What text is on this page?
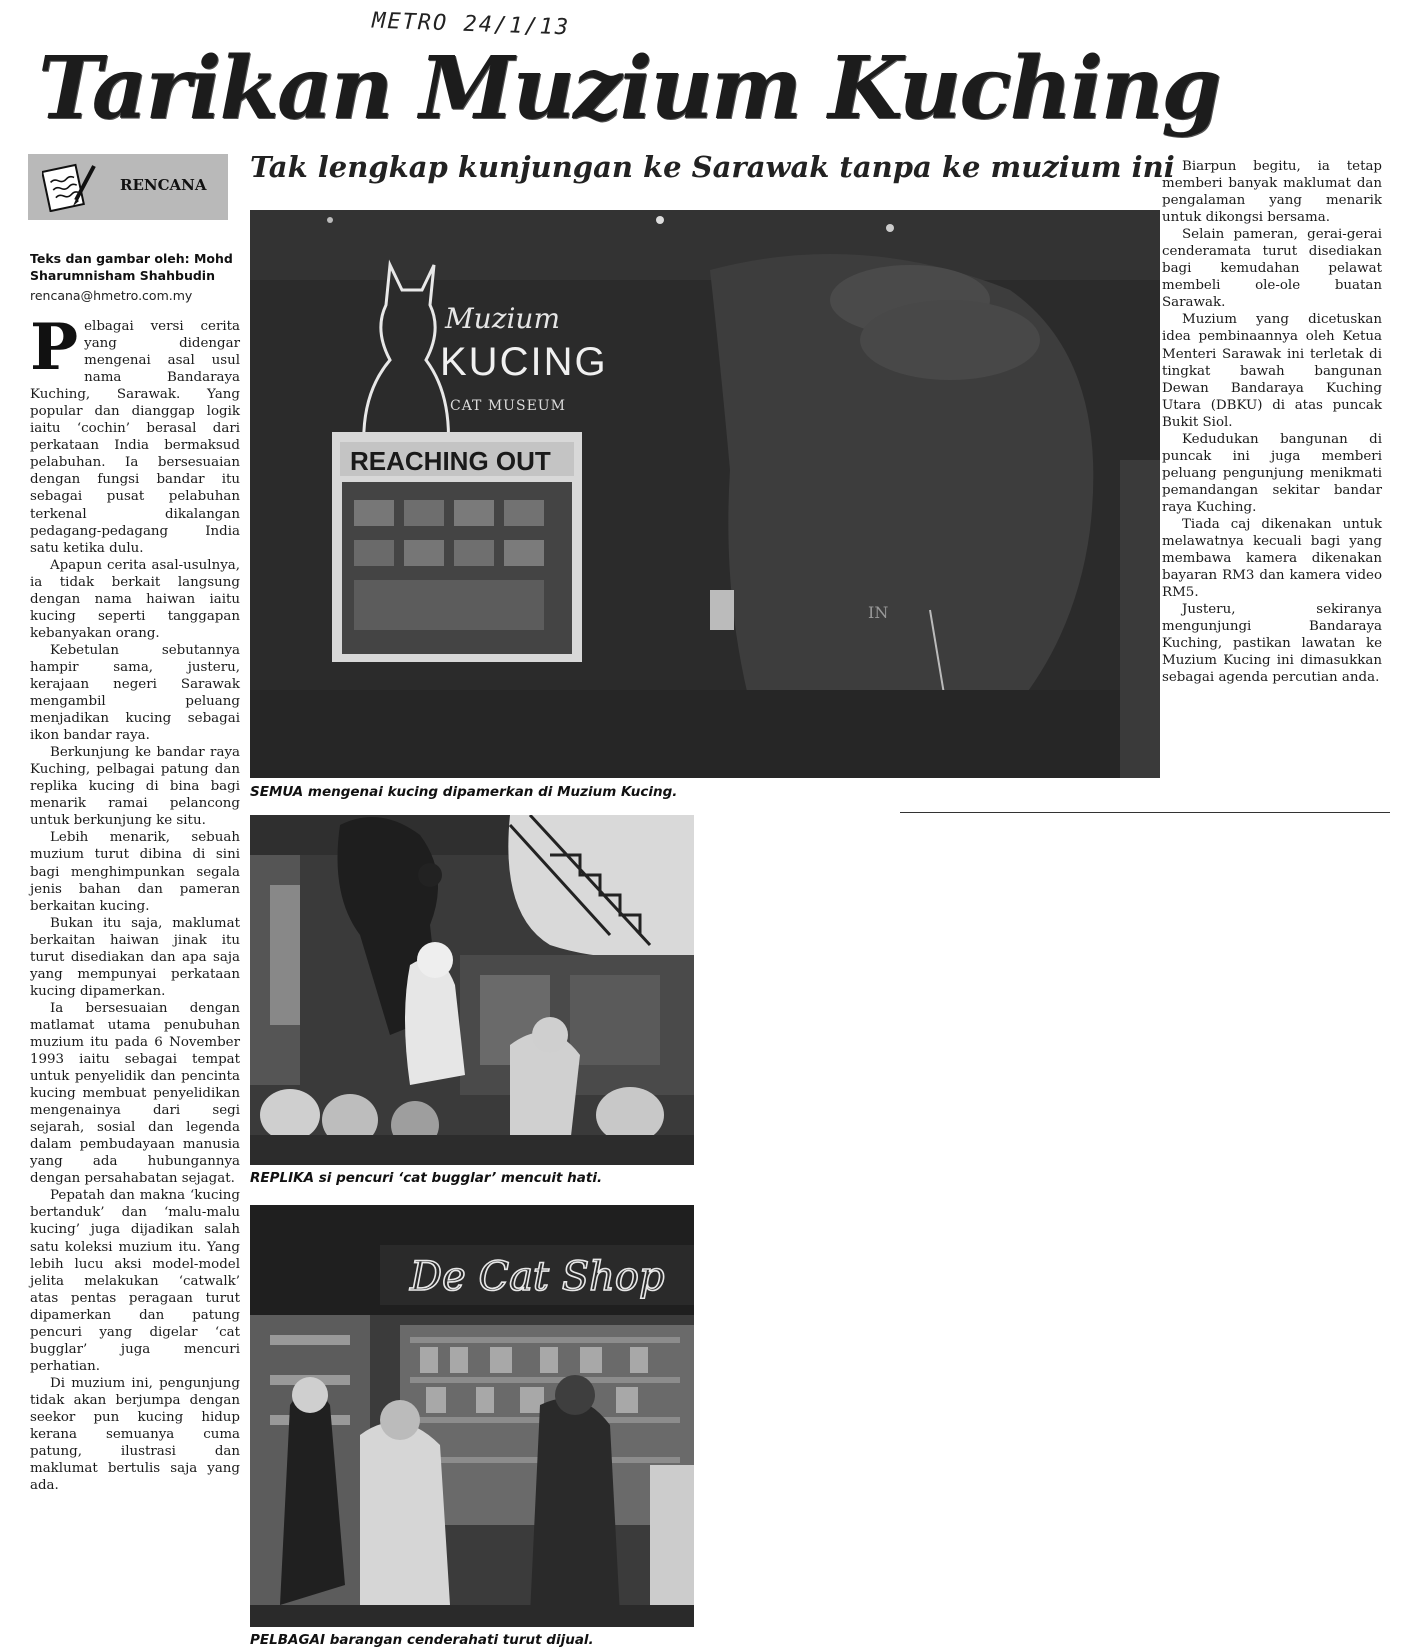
METRO 24/1/13
Tarikan Muzium Kuching
RENCANA
Tak lengkap kunjungan ke Sarawak tanpa ke muzium ini
Teks dan gambar oleh: Mohd Sharumnisham Shahbudin
rencana@hmetro.com.my

Pelbagai versi cerita yang didengar mengenai asal usul nama Bandaraya Kuching, Sarawak. Yang popular dan dianggap logik iaitu ‘cochin’ berasal dari perkataan India bermaksud pelabuhan. Ia bersesuaian dengan fungsi bandar itu sebagai pusat pelabuhan terkenal dikalangan pedagang-pedagang India satu ketika dulu.

Apapun cerita asal-usulnya, ia tidak berkait langsung dengan nama haiwan iaitu kucing seperti tanggapan kebanyakan orang.

Kebetulan sebutannya hampir sama, justeru, kerajaan negeri Sarawak mengambil peluang menjadikan kucing sebagai ikon bandar raya.

Berkunjung ke bandar raya Kuching, pelbagai patung dan replika kucing di bina bagi menarik ramai pelancong untuk berkunjung ke situ.

Lebih menarik, sebuah muzium turut dibina di sini bagi menghimpunkan segala jenis bahan dan pameran berkaitan kucing.

Bukan itu saja, maklumat berkaitan haiwan jinak itu turut disediakan dan apa saja yang mempunyai perkataan kucing dipamerkan.

Ia bersesuaian dengan matlamat utama penubuhan muzium itu pada 6 November 1993 iaitu sebagai tempat untuk penyelidik dan pencinta kucing membuat penyelidikan mengenainya dari segi sejarah, sosial dan legenda dalam pembudayaan manusia yang ada hubungannya dengan persahabatan sejagat.

Pepatah dan makna ‘kucing bertanduk’ dan ‘malu-malu kucing’ juga dijadikan salah satu koleksi muzium itu. Yang lebih lucu aksi model-model jelita melakukan ‘catwalk’ atas pentas peragaan turut dipamerkan dan patung pencuri yang digelar ‘cat bugglar’ juga mencuri perhatian.

Di muzium ini, pengunjung tidak akan berjumpa dengan seekor pun kucing hidup kerana semuanya cuma patung, ilustrasi dan maklumat bertulis saja yang ada.

Biarpun begitu, ia tetap memberi banyak maklumat dan pengalaman yang menarik untuk dikongsi bersama.

Selain pameran, gerai-gerai cenderamata turut disediakan bagi kemudahan pelawat membeli ole-ole buatan Sarawak.

Muzium yang dicetuskan idea pembinaannya oleh Ketua Menteri Sarawak ini terletak di tingkat bawah bangunan Dewan Bandaraya Kuching Utara (DBKU) di atas puncak Bukit Siol.

Kedudukan bangunan di puncak ini juga memberi peluang pengunjung menikmati pemandangan sekitar bandar raya Kuching.

Tiada caj dikenakan untuk melawatnya kecuali bagi yang membawa kamera dikenakan bayaran RM3 dan kamera video RM5.

Justeru, sekiranya mengunjungi Bandaraya Kuching, pastikan lawatan ke Muzium Kucing ini dimasukkan sebagai agenda percutian anda.

Muzium
KUCING
CAT MUSEUM
REACHING OUT
IN
SEMUA mengenai kucing dipamerkan di Muzium Kucing.
REPLIKA si pencuri ‘cat bugglar’ mencuit hati.
De Cat Shop
PELBAGAI barangan cenderahati turut dijual.
